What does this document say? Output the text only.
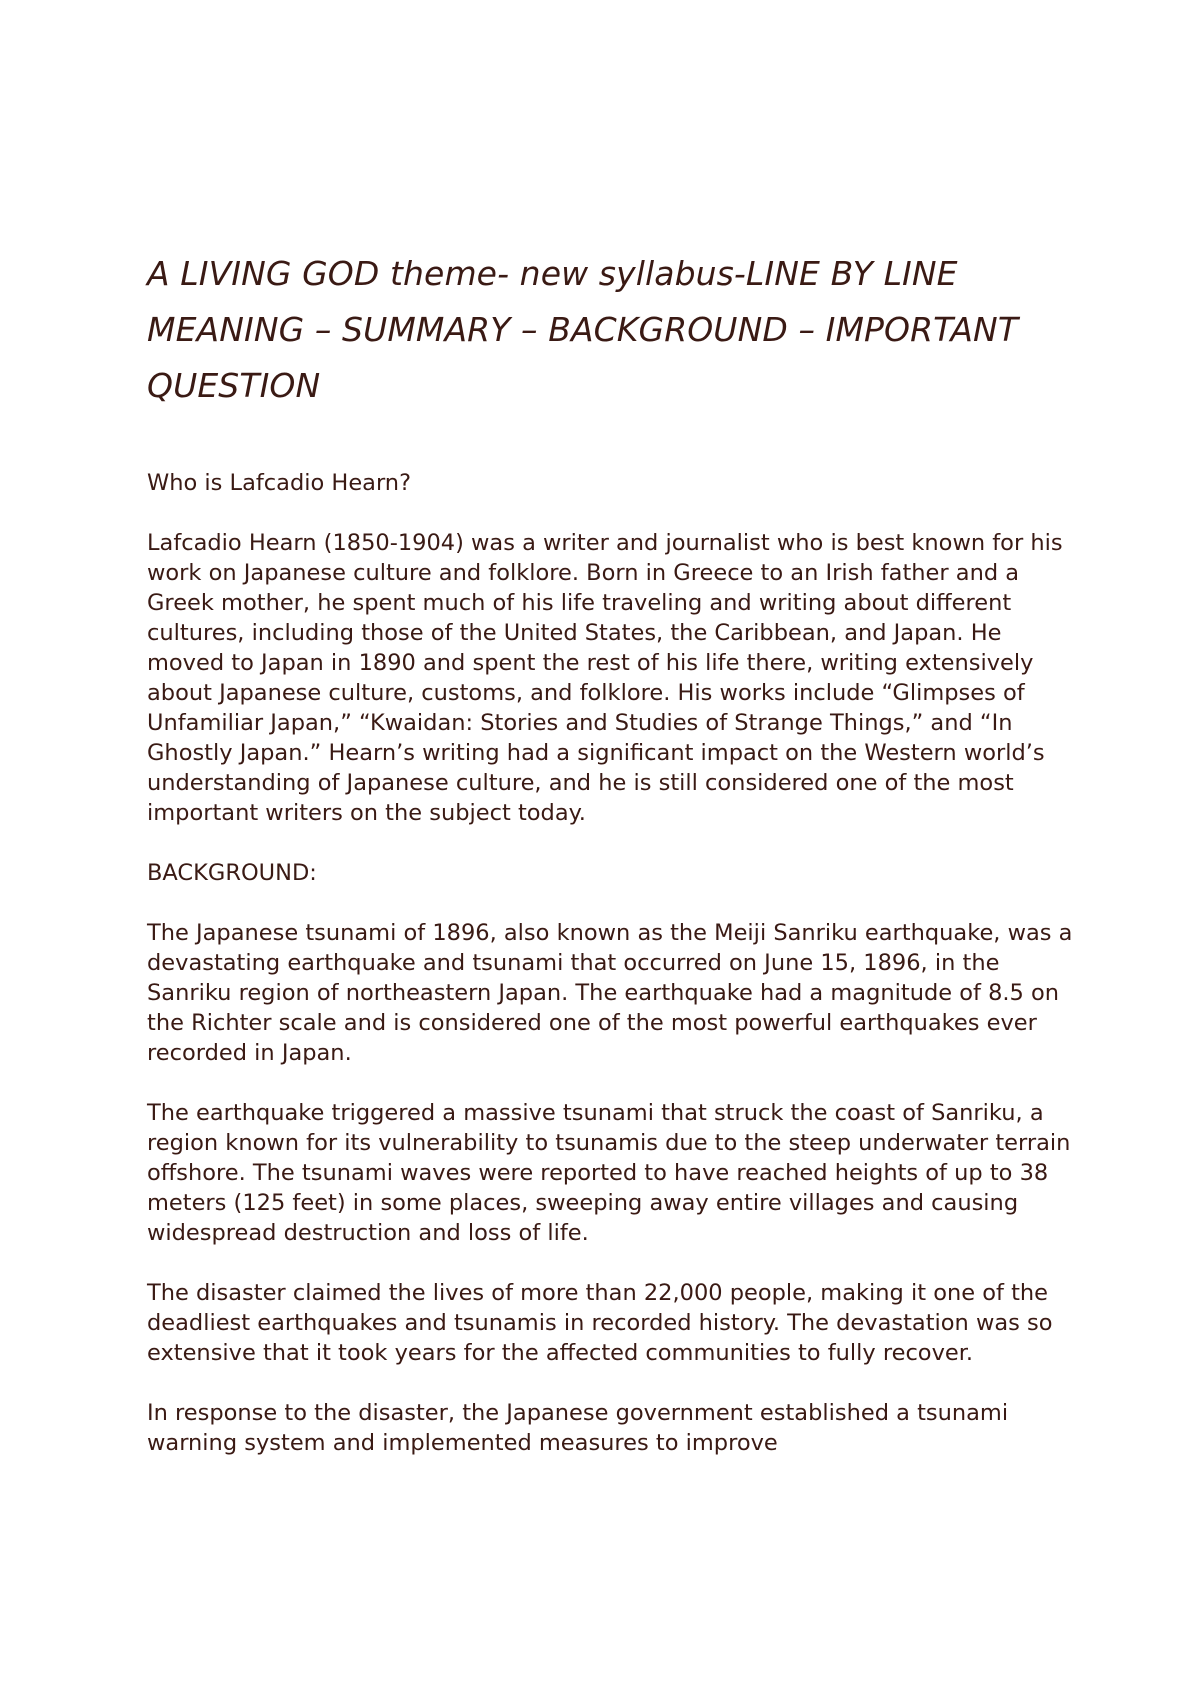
A LIVING GOD theme- new syllabus-LINE BY LINE MEANING – SUMMARY – BACKGROUND – IMPORTANT QUESTION

Who is Lafcadio Hearn?

Lafcadio Hearn (1850-1904) was a writer and journalist who is best known for his work on Japanese culture and folklore. Born in Greece to an Irish father and a Greek mother, he spent much of his life traveling and writing about different cultures, including those of the United States, the Caribbean, and Japan. He moved to Japan in 1890 and spent the rest of his life there, writing extensively about Japanese culture, customs, and folklore. His works include “Glimpses of Unfamiliar Japan,” “Kwaidan: Stories and Studies of Strange Things,” and “In Ghostly Japan.” Hearn’s writing had a significant impact on the Western world’s understanding of Japanese culture, and he is still considered one of the most important writers on the subject today.

BACKGROUND:

The Japanese tsunami of 1896, also known as the Meiji Sanriku earthquake, was a devastating earthquake and tsunami that occurred on June 15, 1896, in the Sanriku region of northeastern Japan. The earthquake had a magnitude of 8.5 on the Richter scale and is considered one of the most powerful earthquakes ever recorded in Japan.

The earthquake triggered a massive tsunami that struck the coast of Sanriku, a region known for its vulnerability to tsunamis due to the steep underwater terrain offshore. The tsunami waves were reported to have reached heights of up to 38 meters (125 feet) in some places, sweeping away entire villages and causing widespread destruction and loss of life.

The disaster claimed the lives of more than 22,000 people, making it one of the deadliest earthquakes and tsunamis in recorded history. The devastation was so extensive that it took years for the affected communities to fully recover.

In response to the disaster, the Japanese government established a tsunami warning system and implemented measures to improve
